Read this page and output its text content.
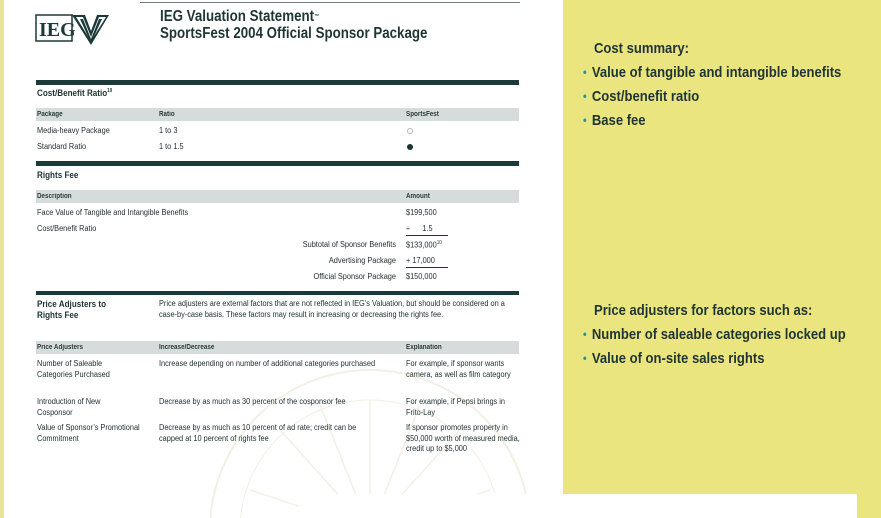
IEG
IEG Valuation Statement™
SportsFest 2004 Official Sponsor Package
Cost/Benefit Ratio$^{10}$
Package	Ratio	SportsFest
Media-heavy Package	1 to 3
Standard Ratio	1 to 1.5
Rights Fee
Description	Amount
Face Value of Tangible and Intangible Benefits	$199,500
Cost/Benefit Ratio	÷      1.5
Subtotal of Sponsor Benefits $133,000$^{10}$
Advertising Package + 17,000
Official Sponsor Package $150,000
Price Adjusters to
Rights Fee
Price adjusters are external factors that are not reflected in IEG’s Valuation, but should be considered on a case-by-case basis. These factors may result in increasing or decreasing the rights fee.
Price Adjusters	Increase/Decrease	Explanation
Number of Saleable Categories Purchased
Increase depending on number of additional categories purchased	For example, if sponsor wants camera, as well as film category
Introduction of New Cosponsor
Decrease by as much as 30 percent of the cosponsor fee	For example, if Pepsi brings in Frito-Lay
Value of Sponsor’s Promotional Commitment
Decrease by as much as 10 percent of ad rate; credit can be capped at 10 percent of rights fee
If sponsor promotes property in $50,000 worth of measured media, credit up to $5,000
Cost summary:
• Value of tangible and intangible benefits
• Cost/benefit ratio
• Base fee
Price adjusters for factors such as:
• Number of saleable categories locked up
• Value of on-site sales rights
